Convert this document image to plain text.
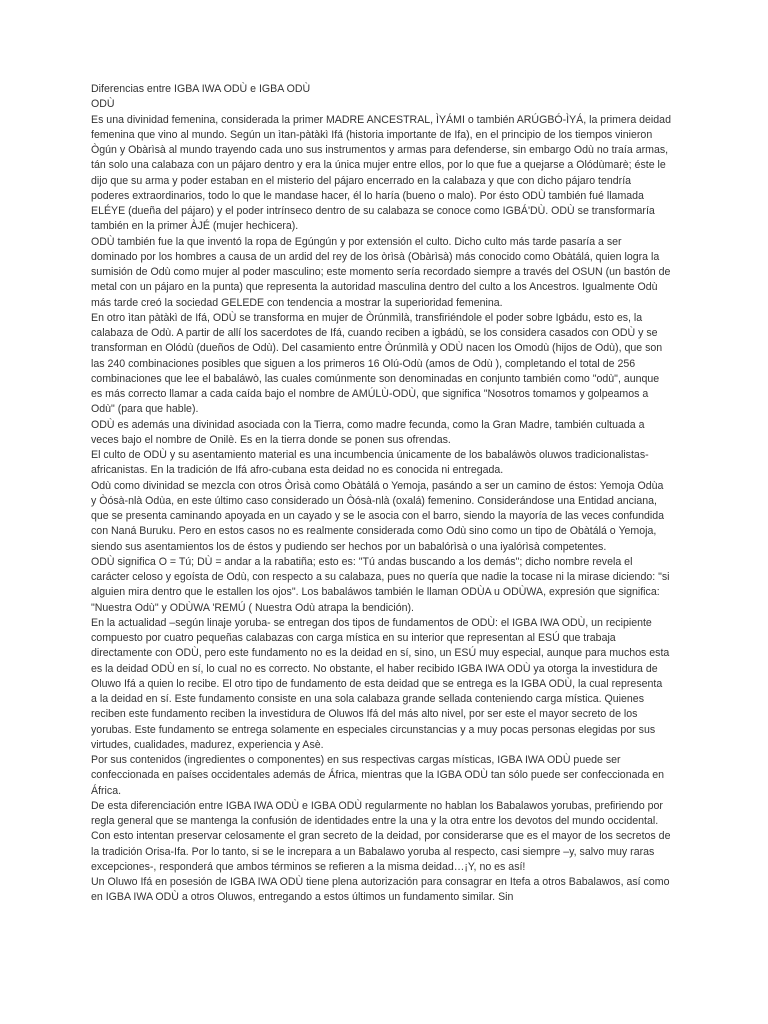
Diferencias entre IGBA IWA ODÙ e IGBA ODÙ

ODÙ

Es una divinidad femenina, considerada la primer MADRE ANCESTRAL, ÌYÁMI o también ARÚGBÓ-ÌYÁ, la primera deidad femenina que vino al mundo. Según un ìtan-pàtàkì Ifá (historia importante de Ifa), en el principio de los tiempos vinieron Ògún y Obàrìsà al mundo trayendo cada uno sus instrumentos y armas para defenderse, sin embargo Odù no traía armas, tán solo una calabaza con un pájaro dentro y era la única mujer entre ellos, por lo que fue a quejarse a Olódùmarè; éste le dijo que su arma y poder estaban en el misterio del pájaro encerrado en la calabaza y que con dicho pájaro tendría poderes extraordinarios, todo lo que le mandase hacer, él lo haría (bueno o malo). Por ésto ODÙ también fué llamada ELÉYE (dueña del pájaro) y el poder intrínseco dentro de su calabaza se conoce como IGBÁ'DÙ. ODÙ se transformaría también en la primer ÀJÉ (mujer hechicera).

ODÙ también fue la que inventó la ropa de Egúngún y por extensión el culto. Dicho culto más tarde pasaría a ser dominado por los hombres a causa de un ardid del rey de los òrìsà (Obàrìsà) más conocido como Obàtálá, quien logra la sumisión de Odù como mujer al poder masculino; este momento sería recordado siempre a través del OSUN (un bastón de metal con un pájaro en la punta) que representa la autoridad masculina dentro del culto a los Ancestros. Igualmente Odù más tarde creó la sociedad GELEDE con tendencia a mostrar la superioridad femenina.

En otro ìtan pàtàkì de Ifá, ODÙ se transforma en mujer de Òrúnmìlà, transfiriéndole el poder sobre Igbádu, esto es, la calabaza de Odù. A partir de allí los sacerdotes de Ifá, cuando reciben a igbádù, se los considera casados con ODÙ y se transforman en Olódù (dueños de Odù). Del casamiento entre Òrúnmìlà y ODÙ nacen los Omodù (hijos de Odù), que son las 240 combinaciones posibles que siguen a los primeros 16 Olú-Odù (amos de Odù ), completando el total de 256 combinaciones que lee el babaláwò, las cuales comúnmente son denominadas en conjunto también como "odù", aunque es más correcto llamar a cada caída bajo el nombre de AMÚLÙ-ODÙ, que significa "Nosotros tomamos y golpeamos a Odù" (para que hable).

ODÙ es además una divinidad asociada con la Tierra, como madre fecunda, como la Gran Madre, también cultuada a veces bajo el nombre de Onilè. Es en la tierra donde se ponen sus ofrendas.

El culto de ODÙ y su asentamiento material es una incumbencia únicamente de los babaláwòs oluwos tradicionalistas-africanistas. En la tradición de Ifá afro-cubana esta deidad no es conocida ni entregada.

Odù como divinidad se mezcla con otros Òrìsà como Obàtálá o Yemoja, pasándo a ser un camino de éstos: Yemoja Odùa y Òósà-nlà Odùa, en este último caso considerado un Òósà-nlà (oxalá) femenino. Considerándose una Entidad anciana, que se presenta caminando apoyada en un cayado y se le asocia con el barro, siendo la mayoría de las veces confundida con Naná Buruku. Pero en estos casos no es realmente considerada como Odù sino como un tipo de Obàtálá o Yemoja, siendo sus asentamientos los de éstos y pudiendo ser hechos por un babalórìsà o una iyalórìsà competentes.

ODÙ significa O = Tú; DÙ = andar a la rabatiña; esto es: "Tú andas buscando a los demás"; dicho nombre revela el carácter celoso y egoísta de Odù, con respecto a su calabaza, pues no quería que nadie la tocase ni la mirase diciendo: "si alguien mira dentro que le estallen los ojos". Los babaláwos también le llaman ODÙA u ODÙWA, expresión que significa: "Nuestra Odù" y ODÙWA 'REMÚ ( Nuestra Odù atrapa la bendición).

En la actualidad –según linaje yoruba- se entregan dos tipos de fundamentos de ODÙ: el IGBA IWA ODÙ, un recipiente compuesto por cuatro pequeñas calabazas con carga mística en su interior que representan al ESÚ que trabaja directamente con ODÙ, pero este fundamento no es la deidad en sí, sino, un ESÚ muy especial, aunque para muchos esta es la deidad ODÙ en sí, lo cual no es correcto. No obstante, el haber recibido IGBA IWA ODÙ ya otorga la investidura de Oluwo Ifá a quien lo recibe. El otro tipo de fundamento de esta deidad que se entrega es la IGBA ODÙ, la cual representa a la deidad en sí. Este fundamento consiste en una sola calabaza grande sellada conteniendo carga mística. Quienes reciben este fundamento reciben la investidura de Oluwos Ifá del más alto nivel, por ser este el mayor secreto de los yorubas. Este fundamento se entrega solamente en especiales circunstancias y a muy pocas personas elegidas por sus virtudes, cualidades, madurez, experiencia y Asè.

Por sus contenidos (ingredientes o componentes) en sus respectivas cargas místicas, IGBA IWA ODÙ puede ser confeccionada en países occidentales además de África, mientras que la IGBA ODÙ tan sólo puede ser confeccionada en África.

De esta diferenciación entre IGBA IWA ODÙ e IGBA ODÙ regularmente no hablan los Babalawos yorubas, prefiriendo por regla general que se mantenga la confusión de identidades entre la una y la otra entre los devotos del mundo occidental. Con esto intentan preservar celosamente el gran secreto de la deidad, por considerarse que es el mayor de los secretos de la tradición Orisa-Ifa. Por lo tanto, si se le increpara a un Babalawo yoruba al respecto, casi siempre –y, salvo muy raras excepciones-, responderá que ambos términos se refieren a la misma deidad…¡Y, no es así!

Un Oluwo Ifá en posesión de IGBA IWA ODÙ tiene plena autorización para consagrar en Itefa a otros Babalawos, así como en IGBA IWA ODÙ a otros Oluwos, entregando a estos últimos un fundamento similar. Sin
